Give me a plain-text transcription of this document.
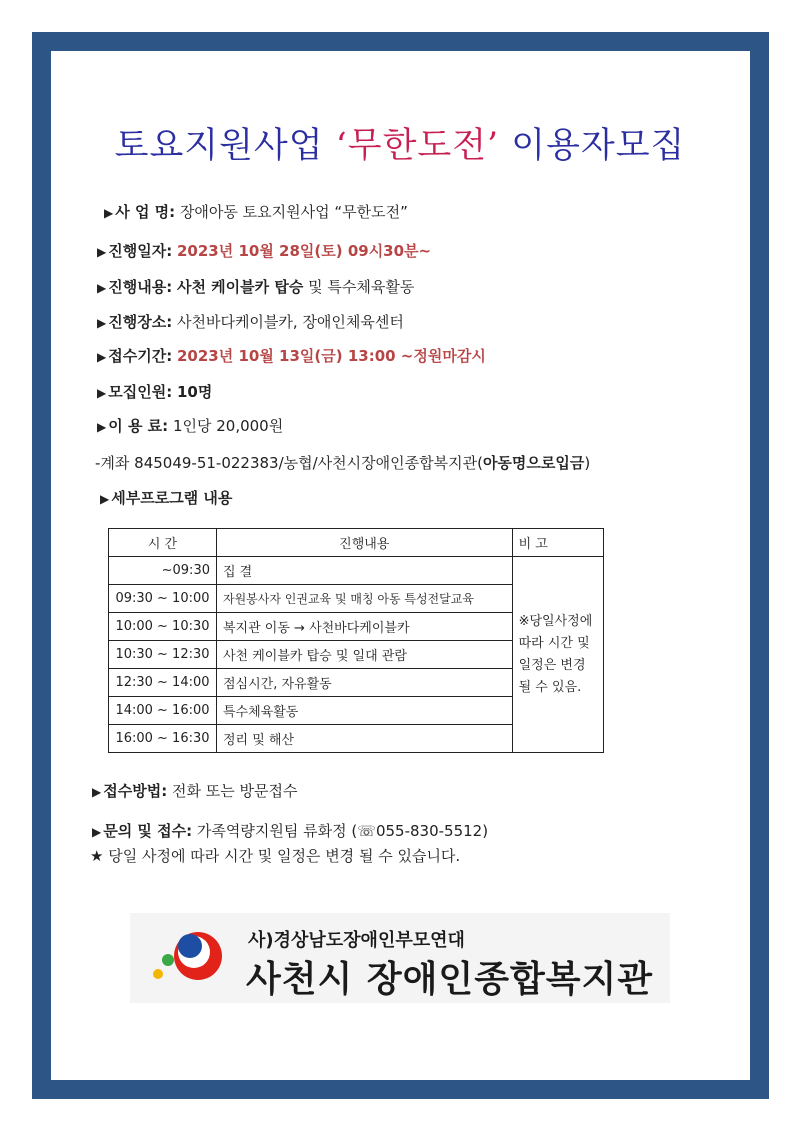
토요지원사업 ‘무한도전’ 이용자모집
▶ 사 업 명: 장애아동 토요지원사업 “무한도전”
▶ 진행일자: 2023년 10월 28일(토) 09시30분~
▶ 진행내용: 사천 케이블카 탑승 및 특수체육활동
▶ 진행장소: 사천바다케이블카, 장애인체육센터
▶ 접수기간: 2023년 10월 13일(금) 13:00 ~정원마감시
▶ 모집인원: 10명
▶ 이 용 료: 1인당 20,000원
-계좌 845049-51-022383/농협/사천시장애인종합복지관(아동명으로입금)
▶ 세부프로그램 내용
시 간	진행내용	비 고
~09:30	집 결	※당일사정에 따라 시간 및 일정은 변경 될 수 있음.
09:30 ~ 10:00	자원봉사자 인권교육 및 매칭 아동 특성전달교육	
10:00 ~ 10:30	복지관 이동 → 사천바다케이블카	
10:30 ~ 12:30	사천 케이블카 탑승 및 일대 관람	
12:30 ~ 14:00	점심시간, 자유활동	
14:00 ~ 16:00	특수체육활동	
16:00 ~ 16:30	정리 및 해산	
▶ 접수방법: 전화 또는 방문접수
▶ 문의 및 접수: 가족역량지원팀 류화정 (☏055-830-5512)
★ 당일 사정에 따라 시간 및 일정은 변경 될 수 있습니다.
사)경상남도장애인부모연대
사천시 장애인종합복지관
